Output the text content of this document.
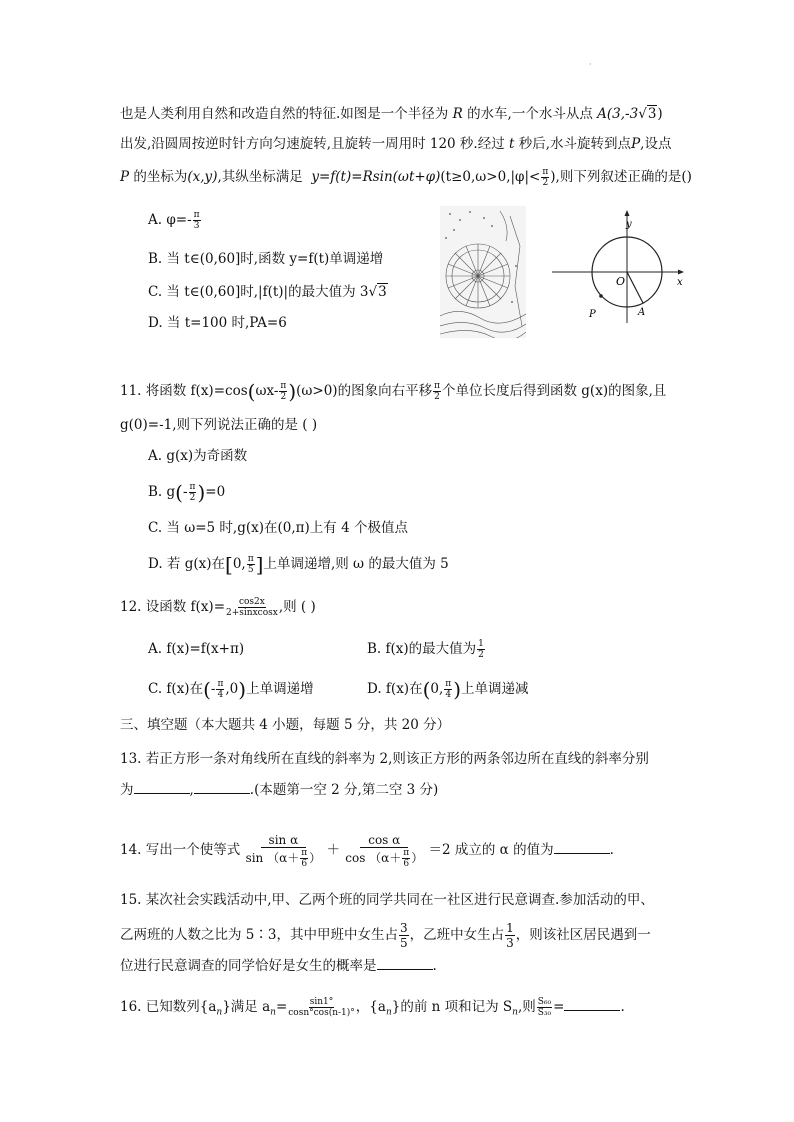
·
也是人类利用自然和改造自然的特征.如图是一个半径为 R 的水车,一个水斗从点 A(3,-3√3)
出发,沿圆周按逆时针方向匀速旋转,且旋转一周用时 120 秒.经过 t 秒后,水斗旋转到点P,设点
P 的坐标为(x,y),其纵坐标满足 $y=f(t)=Rsin(\omega t+\varphi)(t\ge 0,\omega>0,|\varphi|< \frac{\pi}{2}$ ),则下列叙述正确的是()
A. $\varphi=- \frac{\pi}{3}$
B. 当 t∈(0,60]时,函数 y=f(t)单调递增
C. 当 t∈(0,60]时,|f(t)|的最大值为 3√3
D. 当 t=100 时,PA=6
y
x
O
P	A
11. 将函数 $f(x)=\cos(\omega x- \frac{\pi}{2} )(\omega>0)$的图象向右平移 $\frac{\pi}{2}$ 个单位长度后得到函数 g(x)的图象,且
g(0)=-1,则下列说法正确的是 ( )
A. g(x)为奇函数
B. $g(- \frac{\pi}{2} )=0$
C. 当 ω=5 时,g(x)在(0,π)上有 4 个极值点
D. 若 g(x)在[0, $\frac{\pi}{5}$ ]上单调递增,则 ω 的最大值为 5
12. 设函数 $f(x)= \frac{\cos 2x}{\text{2+sinxcosx}}$ ,则 ( )
A. f(x)=f(x+π)	B. f(x)的最大值为 $\frac{1}{2}$
C. f(x)在(- $\frac{\pi}{4} ,0$)上单调递增	D. f(x)在(0, $\frac{\pi}{4}$ )上单调递减
三、填空题（本大题共 4 小题，每题 5 分，共 20 分）
13. 若正方形一条对角线所在直线的斜率为 2,则该正方形的两条邻边所在直线的斜率分别
为	,	.(本题第一空 2 分,第二空 3 分)
14. 写出一个使等式 $\frac{\text{sin α}}{\sin (\alpha+ \frac{\pi}{6} )} + \frac{\text{cos α}}{\cos (\alpha+ \frac{\pi}{6} )} =2$ 成立的 α 的值为	.
15. 某次社会实践活动中,甲、乙两个班的同学共同在一社区进行民意调查.参加活动的甲、
乙两班的人数之比为 5∶3，其中甲班中女生占 $\frac{3}{5}$ ，乙班中女生占 $\frac{1}{3}$ ，则该社区居民遇到一
位进行民意调查的同学恰好是女生的概率是	.
16. 已知数列$\{a_n\}$满足 $a_n= \frac{\sin 1^\circ}{\cos n^\circ\cos(n-1)^\circ}$ ，$\{a_n\}$的前 n 项和记为 $S_n$,则 $\frac{\text{S₆₀}}{\text{S₃₀}}$ =	.
